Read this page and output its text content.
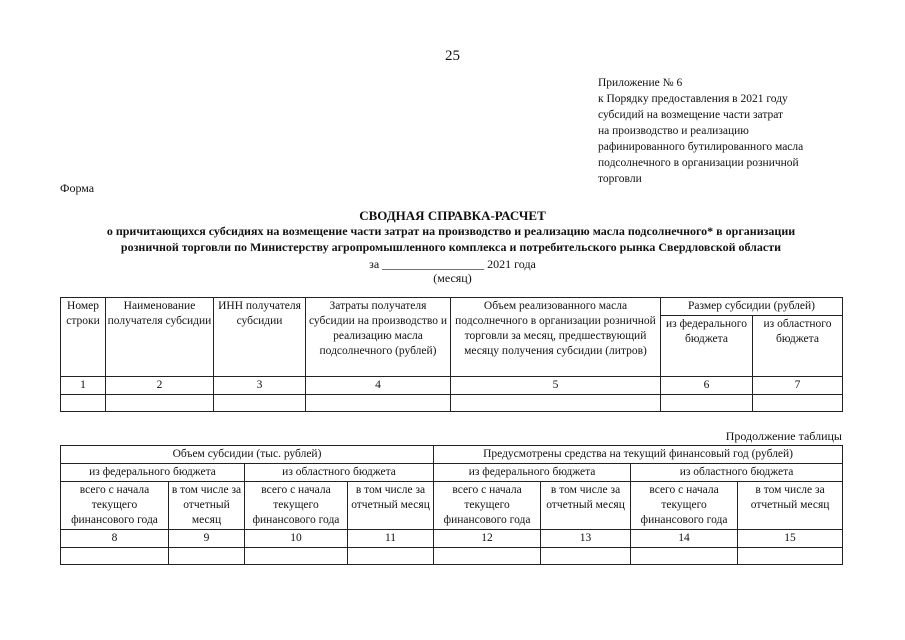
25
Приложение № 6
к Порядку предоставления в 2021 году
субсидий на возмещение части затрат
на производство и реализацию
рафинированного бутилированного масла
подсолнечного в организации розничной
торговли
Форма
СВОДНАЯ СПРАВКА-РАСЧЕТ
о причитающихся субсидиях на возмещение части затрат на производство и реализацию масла подсолнечного* в организации
розничной торговли по Министерству агропромышленного комплекса и потребительского рынка Свердловской области
за _________________ 2021 года
(месяц)
Номер строки	Наименование получателя субсидии	ИНН получателя субсидии	Затраты получателя субсидии на производство и реализацию масла подсолнечного (рублей)	Объем реализованного масла подсолнечного в организации розничной торговли за месяц, предшествующий месяцу получения субсидии (литров)	Размер субсидии (рублей)	
					из федерального бюджета	из областного бюджета
1	2	3	4	5	6	7

Продолжение таблицы
Объем субсидии (тыс. рублей)				Предусмотрены средства на текущий финансовый год (рублей)			
из федерального бюджета		из областного бюджета		из федерального бюджета		из областного бюджета	
всего с начала текущего финансового года	в том числе за отчетный месяц	всего с начала текущего финансового года	в том числе за отчетный месяц	всего с начала текущего финансового года	в том числе за отчетный месяц	всего с начала текущего финансового года	в том числе за отчетный месяц
8	9	10	11	12	13	14	15
